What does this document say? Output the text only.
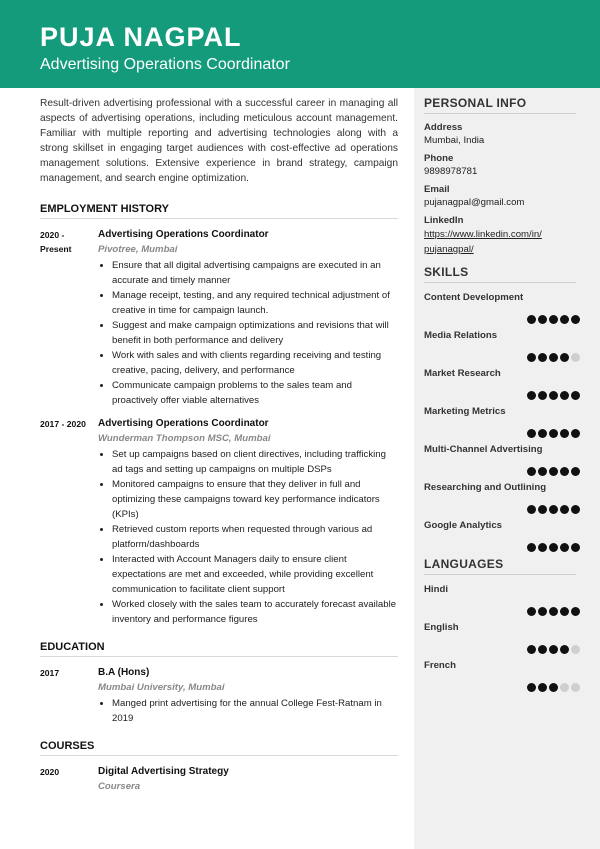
PUJA NAGPAL
Advertising Operations Coordinator

Result-driven advertising professional with a successful career in managing all aspects of advertising operations, including meticulous account management. Familiar with multiple reporting and advertising technologies along with a strong skillset in engaging target audiences with cost-effective ad operations management solutions. Extensive experience in brand strategy, campaign management, and search engine optimization.

EMPLOYMENT HISTORY

2020 - Present
Advertising Operations Coordinator
Pivotree, Mumbai
• Ensure that all digital advertising campaigns are executed in an accurate and timely manner
• Manage receipt, testing, and any required technical adjustment of creative in time for campaign launch.
• Suggest and make campaign optimizations and revisions that will benefit in both performance and delivery
• Work with sales and with clients regarding receiving and testing creative, pacing, delivery, and performance
• Communicate campaign problems to the sales team and proactively offer viable alternatives
2017 - 2020 Advertising Operations Coordinator
Wunderman Thompson MSC, Mumbai
• Set up campaigns based on client directives, including trafficking ad tags and setting up campaigns on multiple DSPs
• Monitored campaigns to ensure that they deliver in full and optimizing these campaigns toward key performance indicators (KPIs)
• Retrieved custom reports when requested through various ad platform/dashboards
• Interacted with Account Managers daily to ensure client expectations are met and exceeded, while providing excellent communication to facilitate client support
• Worked closely with the sales team to accurately forecast available inventory and performance figures

EDUCATION

2017	B.A (Hons)
Mumbai University, Mumbai
• Manged print advertising for the annual College Fest-Ratnam in 2019

COURSES

2020	Digital Advertising Strategy
Coursera

PERSONAL INFO

Address
Mumbai, India
Phone
9898978781
Email
pujanagpal@gmail.com
LinkedIn
https://www.linkedin.com/in/
pujanagpal/

SKILLS

Content Development
Media Relations
Market Research
Marketing Metrics
Multi-Channel Advertising
Researching and Outlining
Google Analytics

LANGUAGES

Hindi
English
French
